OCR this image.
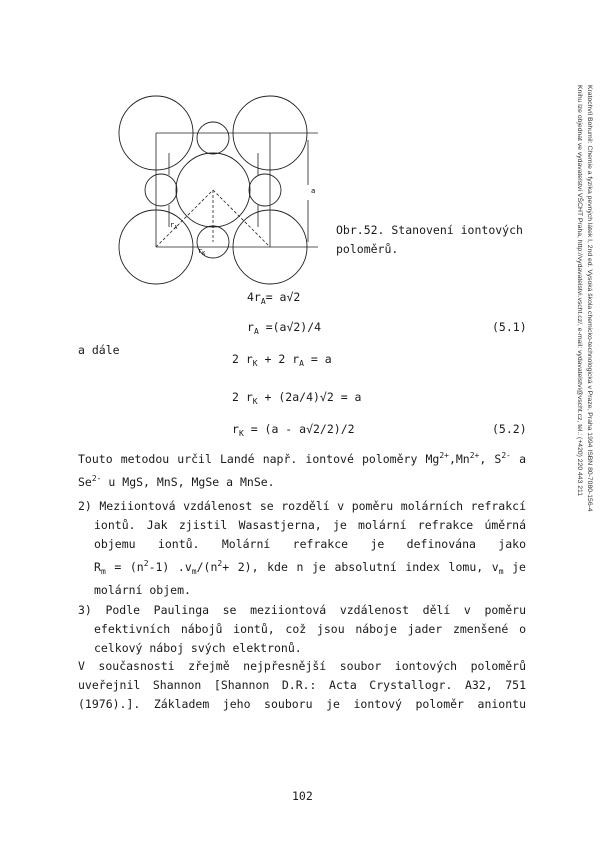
a
$r_A$
$r_K$
Obr.52. Stanovení iontových
poloměrů.
$4r_A= a√2$
$r_A =(a√2)/4$	(5.1)
a dále
2 $r_K + 2$ $r_A = a$
2 $r_K + (2a/4)√2 = a$
$r_K = (a - a√2/2)/2$	(5.2)
Touto metodou určil Landé např. iontové poloměry $Mg^{2+},Mn^{2+}$, $S^{2-}$ a
$Se^{2-}$ u MgS, MnS, MgSe a MnSe.
2) Meziiontová vzdálenost se rozdělí v poměru molárních refrakcí
iontů. Jak zjistil Wasastjerna, je molární refrakce úměrná
objemu iontů. Molární refrakce je definována jako
$R_m = (n^2-1)$ $.v_m/(n^2+ 2)$, kde n je absolutní index lomu, $v_m$ je
molární objem.
3) Podle Paulinga se meziiontová vzdálenost dělí v poměru
efektivních nábojů iontů, což jsou náboje jader zmenšené o
celkový náboj svých elektronů.
V současnosti zřejmě nejpřesnější soubor iontových poloměrů
uveřejnil Shannon [Shannon D.R.: Acta Crystallogr. A32, 751
(1976).]. Základem jeho souboru je iontový poloměr aniontu
102
Kratochvíl Bohumil: Chemie a fyzika pevných látek I, 2nd ed. Vysoká škola chemicko-technologická v Praze, Praha 1994 ISBN 80-7080-156-4
Knihu lze objednat ve vydavatelství VŠCHT Praha, http://vydavatelstvi.vscht.cz/, e-mail: vydavatelstvi@vscht.cz, tel.: (+420) 220 443 211
